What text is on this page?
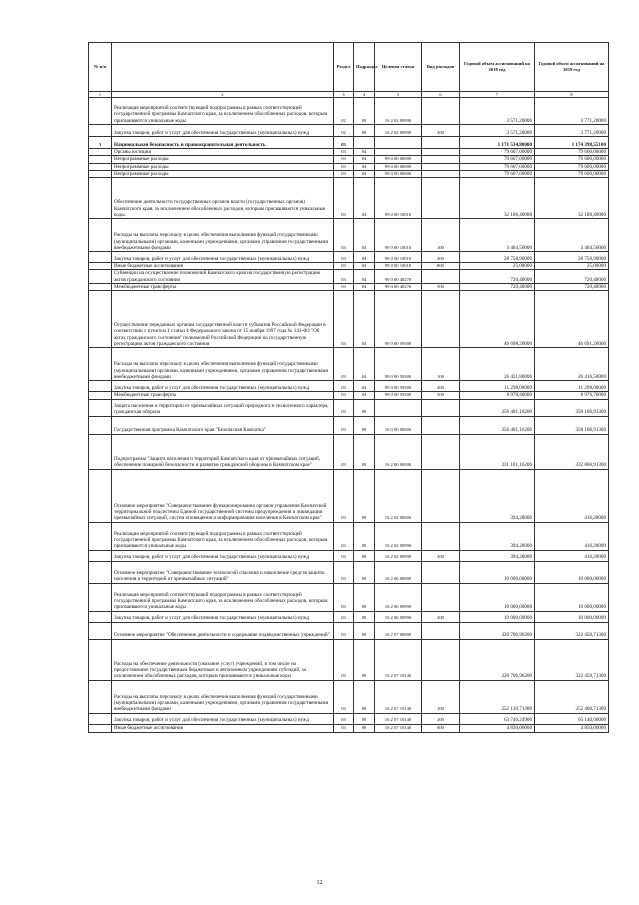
№ п/п		Раздел	Подраздел	Целевая статья	Вид расходов	Годовой объем ассигнований на 2018 год	Годовой объем ассигнований на 2019 год
1	2	3	4	5	6	7	8
	Реализация мероприятий соответствующей подпрограммы в рамках соответствующей государственной программы Камчатского края, за исключением обособленных расходов, которым присваиваются уникальные коды	02	09	16 2 02 09990		3 571,20000	3 771,20000
	Закупка товаров, работ и услуг для обеспечения государственных (муниципальных) нужд	02	09	16 2 02 09990	200	3 571,20000	3 771,20000
3	Национальная безопасность и правоохранительная деятельность	03				1 171 534,80000	1 174 398,55100
	Органы юстиции	03	04			79 607,00000	79 600,00000
	Непрограммные расходы	03	04	99 0 00 00000		79 607,00000	79 600,00000
	Непрограммные расходы	03	04	99 0 00 00000		79 607,00000	79 600,00000
	Непрограммные расходы	03	04	99 0 00 00000		79 607,00000	79 600,00000
	Обеспечение деятельности государственных органов власти (государственных органов) Камчатского края, за исключением обособленных расходов, которым присваиваются уникальные коды.	03	04	99 0 00 10010		32 188,40000	32 188,40000
	Расходы на выплаты персоналу в целях обеспечения выполнения функций государственными (муниципальными) органами, казенными учреждениями, органами управления государственными внебюджетными фондами	03	04	99 0 00 10010	100	3 404,50000	3 404,50000
	Закупка товаров, работ и услуг для обеспечения государственных (муниципальных) нужд	03	04	99 0 00 10010	200	28 758,90000	28 758,90000
	Иные бюджетные ассигнования	03	04	99 0 00 10010	800	25,00000	25,00000
	Субвенции на осуществление полномочий Камчатского края на государственную регистрацию актов гражданского состояния	03	04	99 0 00 40270		720,40000	720,40000
	Межбюджетные трансферты	03	04	99 0 00 40270	500	720,40000	720,40000
	Осуществление переданных органам государственной власти субъектов Российской Федерации в соответствии с пунктом 1 статьи 4 Федерального закона от 15 ноября 1997 года № 143-ФЗ "Об актах гражданского состояния" полномочий Российской Федерации на государственную регистрацию актов гражданского состояния	03	04	99 0 00 59300		46 698,20000	46 691,20000
	Расходы на выплаты персоналу в целях обеспечения выполнения функций государственными (муниципальными) органами, казенными учреждениями, органами управления государственными внебюджетными фондами	03	04	99 0 00 59300	100	26 421,80000	26 416,50000
	Закупка товаров, работ и услуг для обеспечения государственных (муниципальных) нужд	03	04	99 0 00 59300	200	11 298,00000	11 298,00000
	Межбюджетные трансферты	03	04	99 0 00 59300	500	8 978,40000	8 976,70000
	Защита населения и территории от чрезвычайных ситуаций природного и техногенного характера, гражданская оборона	03	09			356 401,16200	358 166,91300
	Государственная программа Камчатского края "Безопасная Камчатка"	03	09	16 0 00 00000		356 401,16200	358 166,91300
	Подпрограмма "Защита населения и территорий Камчатского края от чрезвычайных ситуаций, обеспечение пожарной безопасности и развитие гражданской обороны в Камчатском крае"	03	09	16 2 00 00000		331 101,16200	332 866,91300
	Основное мероприятие "Совершенствование функционирования органов управления Камчатской территориальной подсистемы Единой государственной системы предупреждения и ликвидации чрезвычайных ситуаций, систем оповещения и информирования населения в Камчатском крае"	03	09	16 2 02 00000		394,20000	416,20000
	Реализация мероприятий соответствующей подпрограммы в рамках соответствующей государственной программы Камчатского края, за исключением обособленных расходов, которым присваиваются уникальные коды	03	09	16 2 02 09990		394,20000	416,20000
	Закупка товаров, работ и услуг для обеспечения государственных (муниципальных) нужд	03	09	16 2 02 09990	200	394,20000	416,20000
	Основное мероприятие "Совершенствование технологий спасения и накопление средств защиты населения и территорий от чрезвычайных ситуаций"	03	09	16 2 06 00000		10 000,00000	10 000,00000
	Реализация мероприятий соответствующей подпрограммы в рамках соответствующей государственной программы Камчатского края, за исключением обособленных расходов, которым присваиваются уникальные коды	03	09	16 2 06 09990		10 000,00000	10 000,00000
	Закупка товаров, работ и услуг для обеспечения государственных (муниципальных) нужд	03	09	16 2 06 09990	200	10 000,00000	10 000,00000
	Основное мероприятие "Обеспечение деятельности и содержание подведомственных учреждений"	03	09	16 2 07 00000		320 706,96200	322 450,71300
	Расходы на обеспечение деятельности (оказание услуг) учреждений, в том числе на предоставление государственным бюджетным и автономным учреждениям субсидий, за исключением обособленных расходов, которым присваиваются уникальные коды	03	09	16 2 07 10140		320 706,96200	322 450,71300
	Расходы на выплаты персоналу в целях обеспечения выполнения функций государственными (муниципальными) органами, казенными учреждениями, органами управления государственными внебюджетными фондами	03	09	16 2 07 10140	100	252 130,71300	252 460,71300
	Закупка товаров, работ и услуг для обеспечения государственных (муниципальных) нужд	03	09	16 2 07 10140	200	63 746,24900	65 140,00000
	Иные бюджетные ассигнования	03	09	16 2 07 10140	800	4 830,00000	4 850,00000
12
